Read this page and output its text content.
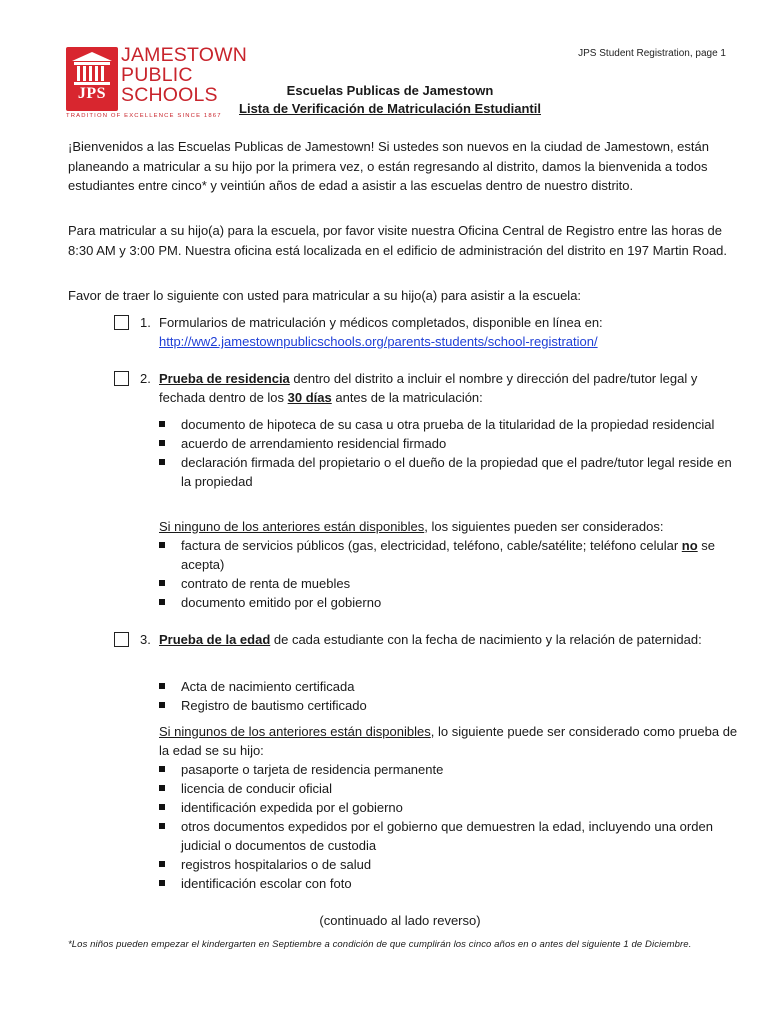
JPS
JAMESTOWN
PUBLIC
SCHOOLS
TRADITION OF EXCELLENCE SINCE 1867
JPS Student Registration, page 1
Escuelas Publicas de Jamestown
Lista de Verificación de Matriculación Estudiantil
¡Bienvenidos a las Escuelas Publicas de Jamestown! Si ustedes son nuevos en la ciudad de Jamestown, están planeando a matricular a su hijo por la primera vez, o están regresando al distrito, damos la bienvenida a todos estudiantes entre cinco* y veintiún años de edad a asistir a las escuelas dentro de nuestro distrito.
Para matricular a su hijo(a) para la escuela, por favor visite nuestra Oficina Central de Registro entre las horas de 8:30 AM y 3:00 PM. Nuestra oficina está localizada en el edificio de administración del distrito en 197 Martin Road.
Favor de traer lo siguiente con usted para matricular a su hijo(a) para asistir a la escuela:
1. Formularios de matriculación y médicos completados, disponible en línea en:
http://ww2.jamestownpublicschools.org/parents-students/school-registration/
2. Prueba de residencia dentro del distrito a incluir el nombre y dirección del padre/tutor legal y fechada dentro de los 30 días antes de la matriculación:
documento de hipoteca de su casa u otra prueba de la titularidad de la propiedad residencial
acuerdo de arrendamiento residencial firmado
declaración firmada del propietario o el dueño de la propiedad que el padre/tutor legal reside en la propiedad
Si ninguno de los anteriores están disponibles, los siguientes pueden ser considerados:
factura de servicios públicos (gas, electricidad, teléfono, cable/satélite; teléfono celular no se acepta)
contrato de renta de muebles
documento emitido por el gobierno
3. Prueba de la edad de cada estudiante con la fecha de nacimiento y la relación de paternidad:
Acta de nacimiento certificada
Registro de bautismo certificado
Si ningunos de los anteriores están disponibles, lo siguiente puede ser considerado como prueba de la edad se su hijo:
pasaporte o tarjeta de residencia permanente
licencia de conducir oficial
identificación expedida por el gobierno
otros documentos expedidos por el gobierno que demuestren la edad, incluyendo una orden judicial o documentos de custodia
registros hospitalarios o de salud
identificación escolar con foto
(continuado al lado reverso)
*Los niños pueden empezar el kindergarten en Septiembre a condición de que cumplirán los cinco años en o antes del siguiente 1 de Diciembre.
